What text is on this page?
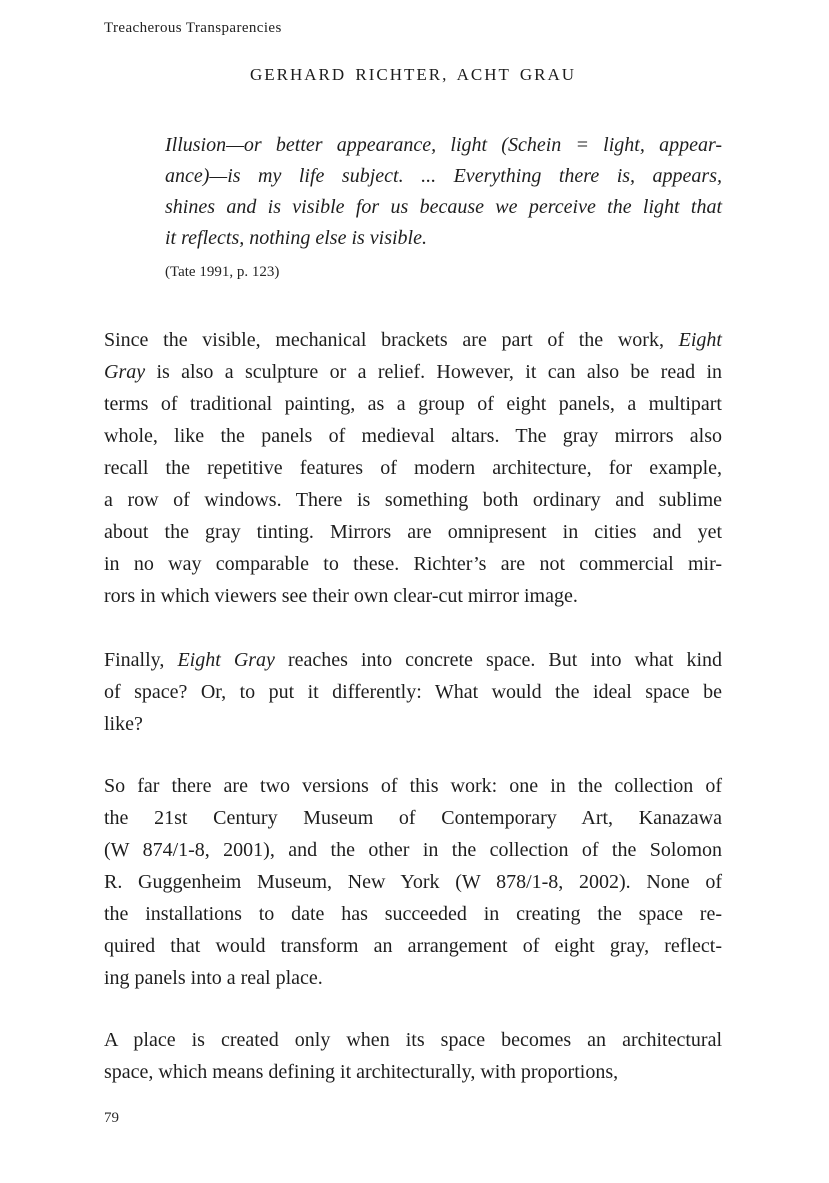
Treacherous Transparencies
GERHARD RICHTER, ACHT GRAU
Illusion—or better appearance, light (Schein = light, appear-
ance)—is my life subject. ... Everything there is, appears,
shines and is visible for us because we perceive the light that
it reflects, nothing else is visible.
(Tate 1991, p. 123)
Since the visible, mechanical brackets are part of the work, Eight
Gray is also a sculpture or a relief. However, it can also be read in
terms of traditional painting, as a group of eight panels, a multipart
whole, like the panels of medieval altars. The gray mirrors also
recall the repetitive features of modern architecture, for example,
a row of windows. There is something both ordinary and sublime
about the gray tinting. Mirrors are omnipresent in cities and yet
in no way comparable to these. Richter’s are not commercial mir-
rors in which viewers see their own clear-cut mirror image.
Finally, Eight Gray reaches into concrete space. But into what kind
of space? Or, to put it differently: What would the ideal space be
like?
So far there are two versions of this work: one in the collection of
the 21st Century Museum of Contemporary Art, Kanazawa
(W 874/1-8, 2001), and the other in the collection of the Solomon
R. Guggenheim Museum, New York (W 878/1-8, 2002). None of
the installations to date has succeeded in creating the space re-
quired that would transform an arrangement of eight gray, reflect-
ing panels into a real place.
A place is created only when its space becomes an architectural
space, which means defining it architecturally, with proportions,
79
